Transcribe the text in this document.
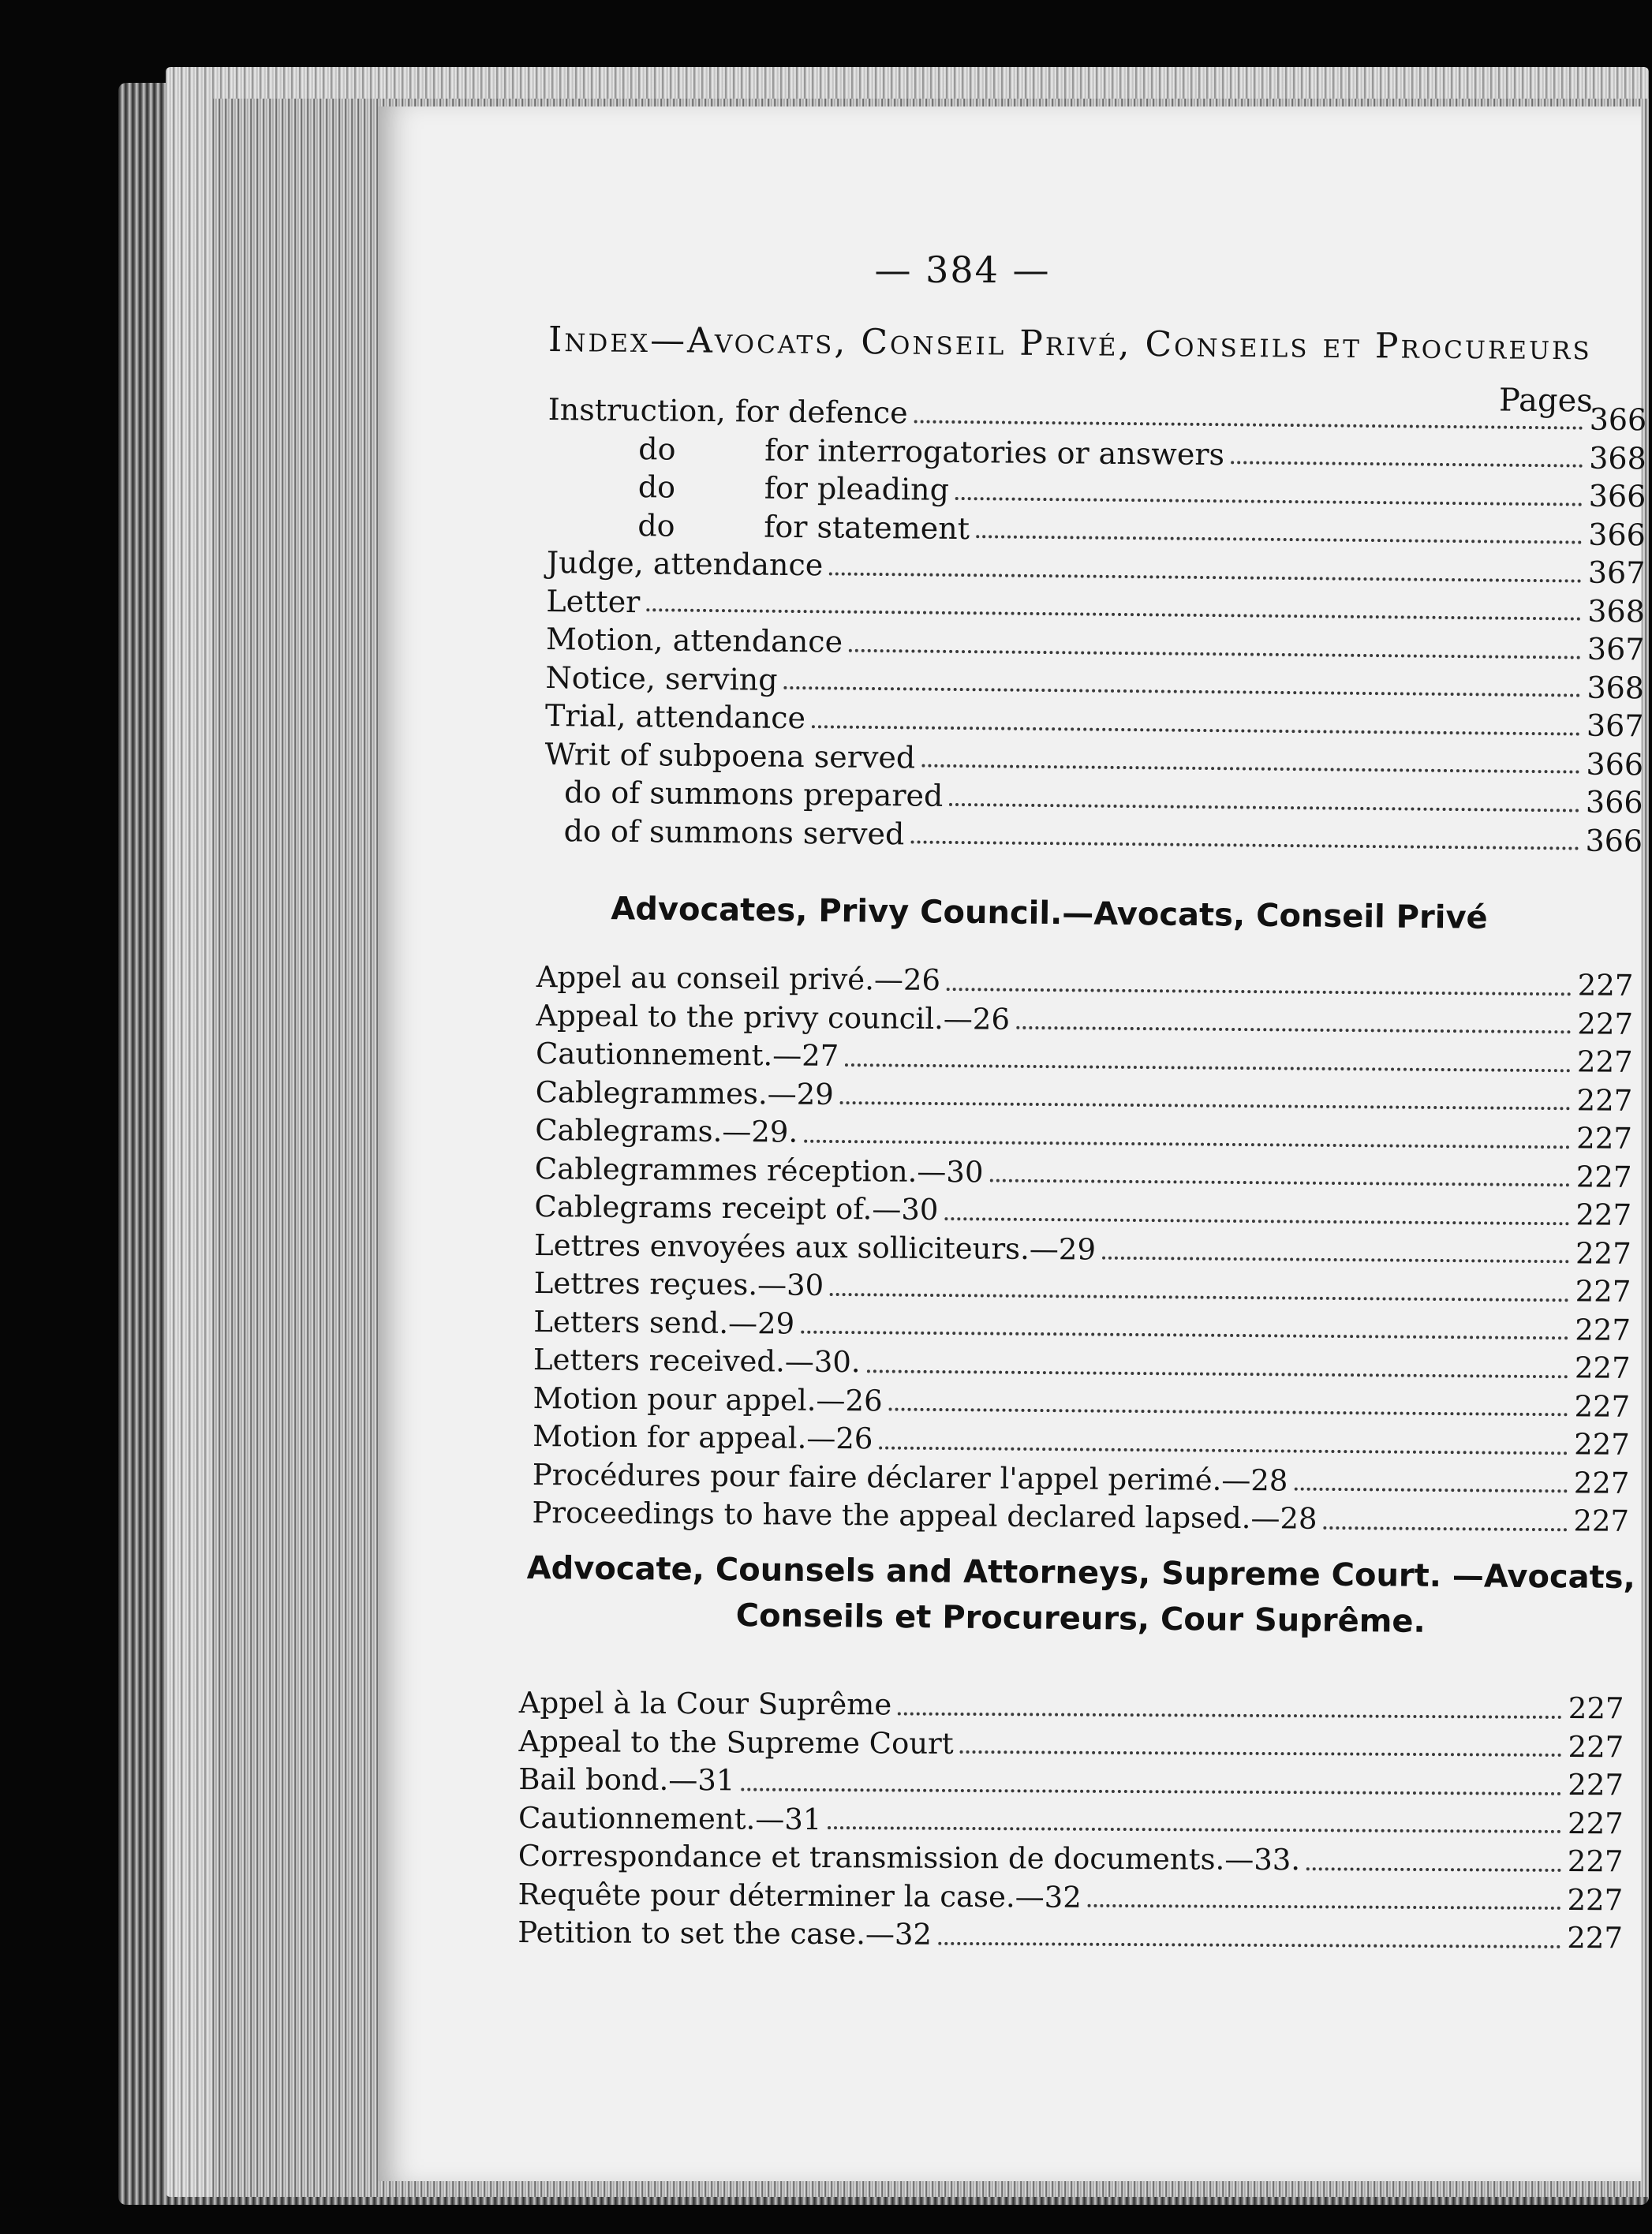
— 384 —
Index—Avocats, Conseil Privé, Conseils et Procureurs
Pages
Instruction, for defence	366
do	for interrogatories or answers	368
do	for pleading	366
do	for statement	366
Judge, attendance	367
Letter	368
Motion, attendance	367
Notice, serving	368
Trial, attendance	367
Writ of subpoena served	366
do of summons prepared	366
do of summons served	366
Advocates, Privy Council.—Avocats, Conseil Privé
Appel au conseil privé.—26	227
Appeal to the privy council.—26	227
Cautionnement.—27	227
Cablegrammes.—29	227
Cablegrams.—29.	227
Cablegrammes réception.—30	227
Cablegrams receipt of.—30	227
Lettres envoyées aux solliciteurs.—29	227
Lettres reçues.—30	227
Letters send.—29	227
Letters received.—30.	227
Motion pour appel.—26	227
Motion for appeal.—26	227
Procédures pour faire déclarer l'appel perimé.—28	227
Proceedings to have the appeal declared lapsed.—28	227
Advocate, Counsels and Attorneys, Supreme Court. —Avocats,
Conseils et Procureurs, Cour Suprême.
Appel à la Cour Suprême	227
Appeal to the Supreme Court	227
Bail bond.—31	227
Cautionnement.—31	227
Correspondance et transmission de documents.—33.	227
Requête pour déterminer la case.—32	227
Petition to set the case.—32	227
